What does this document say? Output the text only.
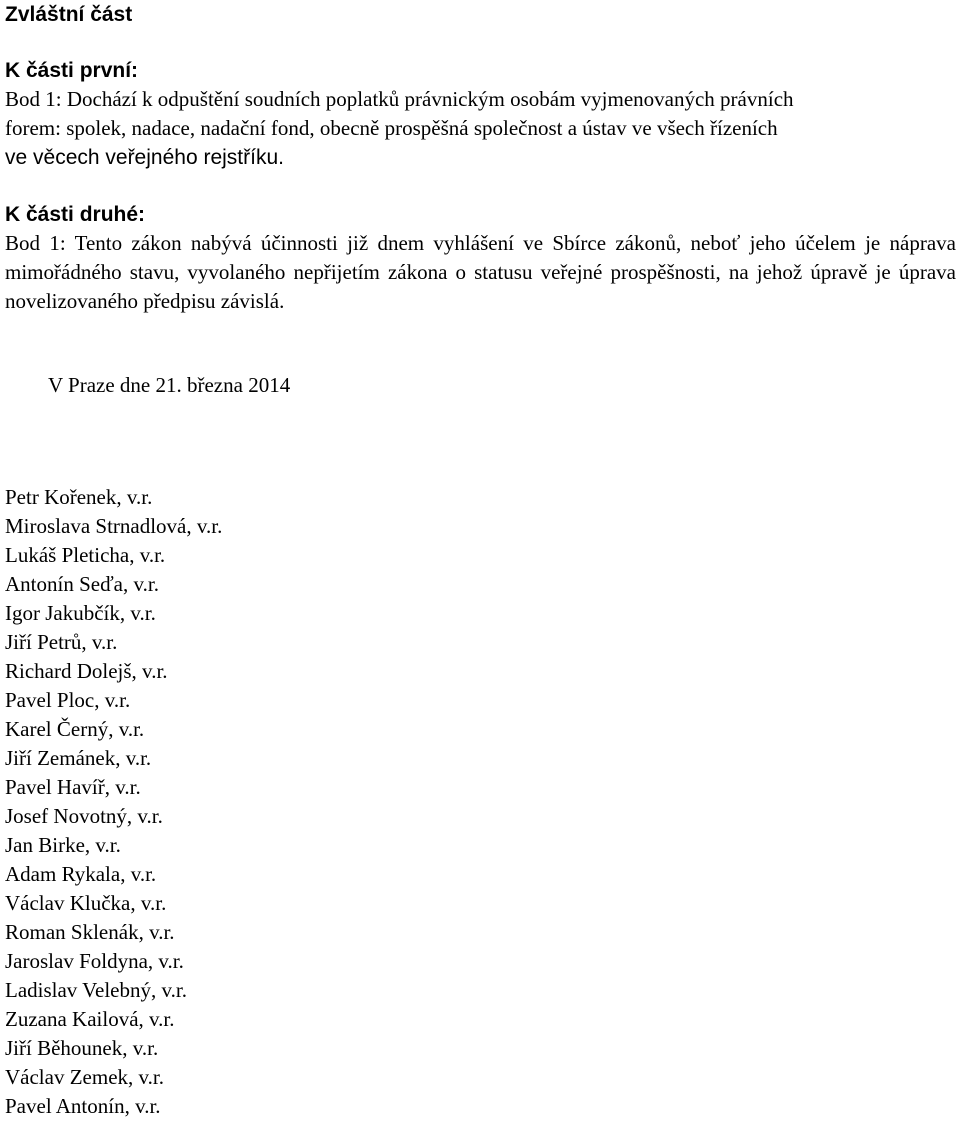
Zvláštní část
K části první:
Bod 1: Dochází k odpuštění soudních poplatků právnickým osobám vyjmenovaných právních
forem: spolek, nadace, nadační fond, obecně prospěšná společnost a ústav ve všech řízeních
ve věcech veřejného rejstříku.
K části druhé:

Bod 1: Tento zákon nabývá účinnosti již dnem vyhlášení ve Sbírce zákonů, neboť jeho účelem je náprava mimořádného stavu, vyvolaného nepřijetím zákona o statusu veřejné prospěšnosti, na jehož úpravě je úprava novelizovaného předpisu závislá.

V Praze dne 21. března 2014
Petr Kořenek, v.r.
Miroslava Strnadlová, v.r.
Lukáš Pleticha, v.r.
Antonín Seďa, v.r.
Igor Jakubčík, v.r.
Jiří Petrů, v.r.
Richard Dolejš, v.r.
Pavel Ploc, v.r.
Karel Černý, v.r.
Jiří Zemánek, v.r.
Pavel Havíř, v.r.
Josef Novotný, v.r.
Jan Birke, v.r.
Adam Rykala, v.r.
Václav Klučka, v.r.
Roman Sklenák, v.r.
Jaroslav Foldyna, v.r.
Ladislav Velebný, v.r.
Zuzana Kailová, v.r.
Jiří Běhounek, v.r.
Václav Zemek, v.r.
Pavel Antonín, v.r.
